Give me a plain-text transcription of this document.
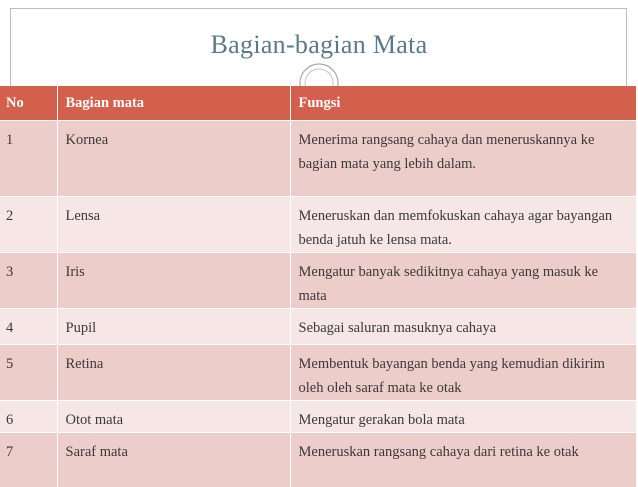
Bagian-bagian Mata
No	Bagian mata	Fungsi
1	Kornea	Menerima rangsang cahaya dan meneruskannya ke bagian mata yang lebih dalam.
2	Lensa	Meneruskan dan memfokuskan cahaya agar bayangan benda jatuh ke lensa mata.
3	Iris	Mengatur banyak sedikitnya cahaya yang masuk ke mata
4	Pupil	Sebagai saluran masuknya cahaya
5	Retina	Membentuk bayangan benda yang kemudian dikirim oleh oleh saraf mata ke otak
6	Otot mata	Mengatur gerakan bola mata
7	Saraf mata	Meneruskan rangsang cahaya dari retina ke otak
